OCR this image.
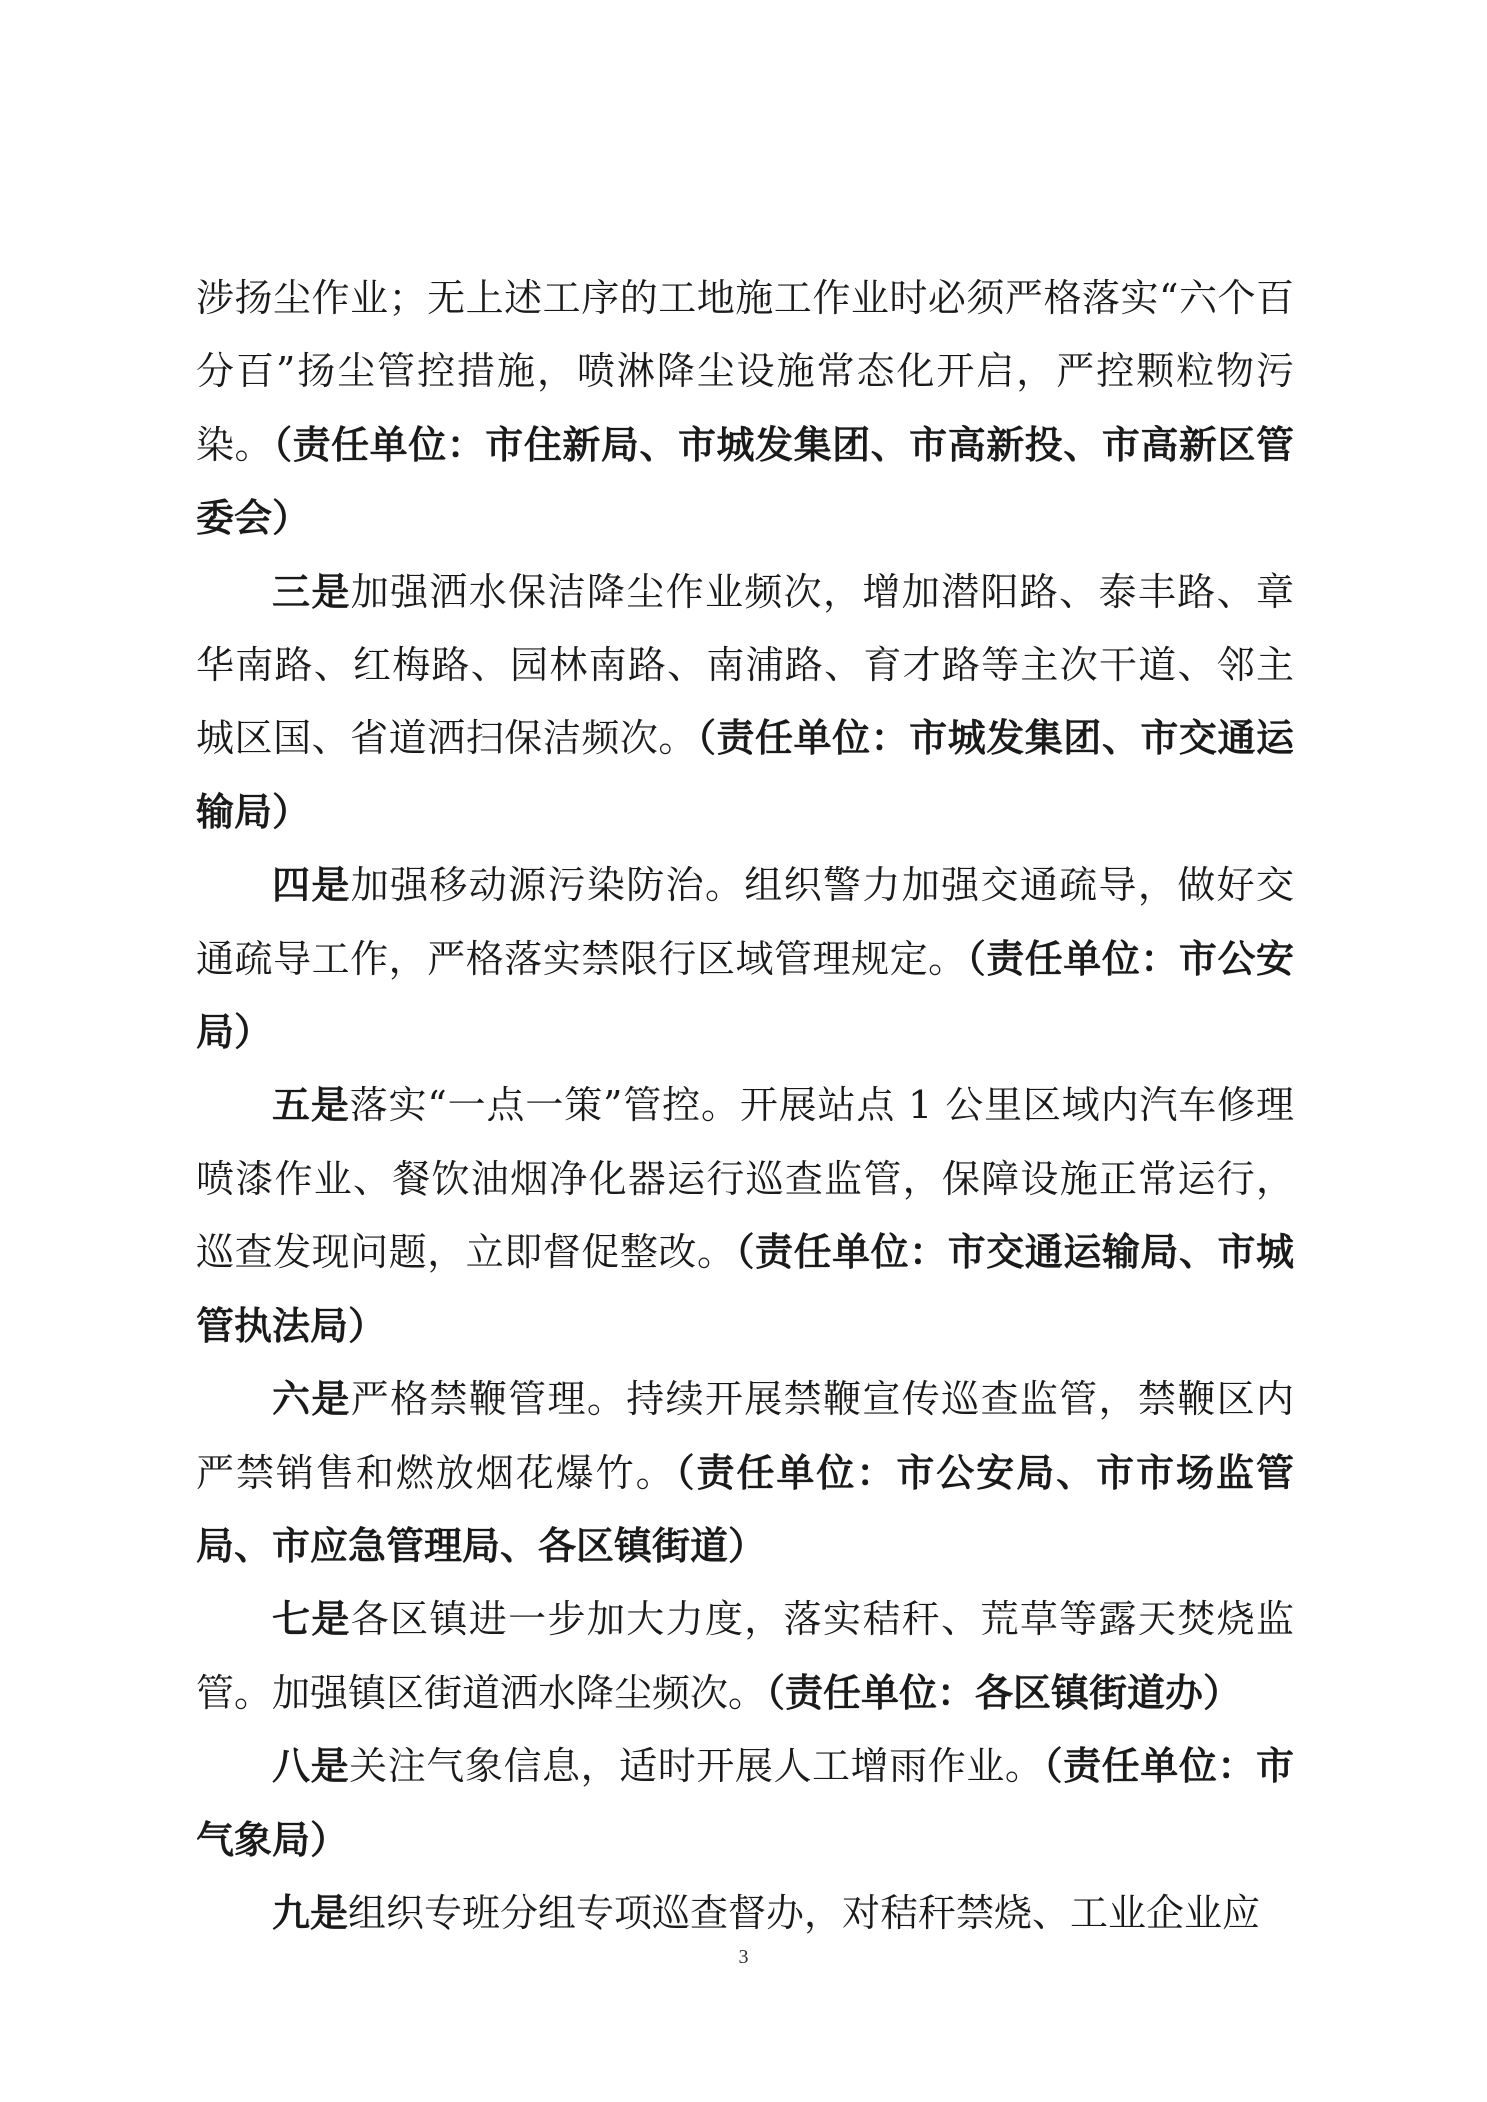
涉扬尘作业；无上述工序的工地施工作业时必须严格落实“六个百分百”扬尘管控措施，喷淋降尘设施常态化开启，严控颗粒物污染。（责任单位：市住新局、市城发集团、市高新投、市高新区管委会）

三是加强洒水保洁降尘作业频次，增加潜阳路、泰丰路、章华南路、红梅路、园林南路、南浦路、育才路等主次干道、邻主城区国、省道洒扫保洁频次。（责任单位：市城发集团、市交通运输局）

四是加强移动源污染防治。组织警力加强交通疏导，做好交通疏导工作，严格落实禁限行区域管理规定。（责任单位：市公安局）

五是落实“一点一策”管控。开展站点 1 公里区域内汽车修理喷漆作业、餐饮油烟净化器运行巡查监管，保障设施正常运行，巡查发现问题，立即督促整改。（责任单位：市交通运输局、市城管执法局）

六是严格禁鞭管理。持续开展禁鞭宣传巡查监管，禁鞭区内严禁销售和燃放烟花爆竹。（责任单位：市公安局、市市场监管局、市应急管理局、各区镇街道）

七是各区镇进一步加大力度，落实秸秆、荒草等露天焚烧监管。加强镇区街道洒水降尘频次。（责任单位：各区镇街道办）

八是关注气象信息，适时开展人工增雨作业。（责任单位：市气象局）

九是组织专班分组专项巡查督办，对秸秆禁烧、工业企业应

3
